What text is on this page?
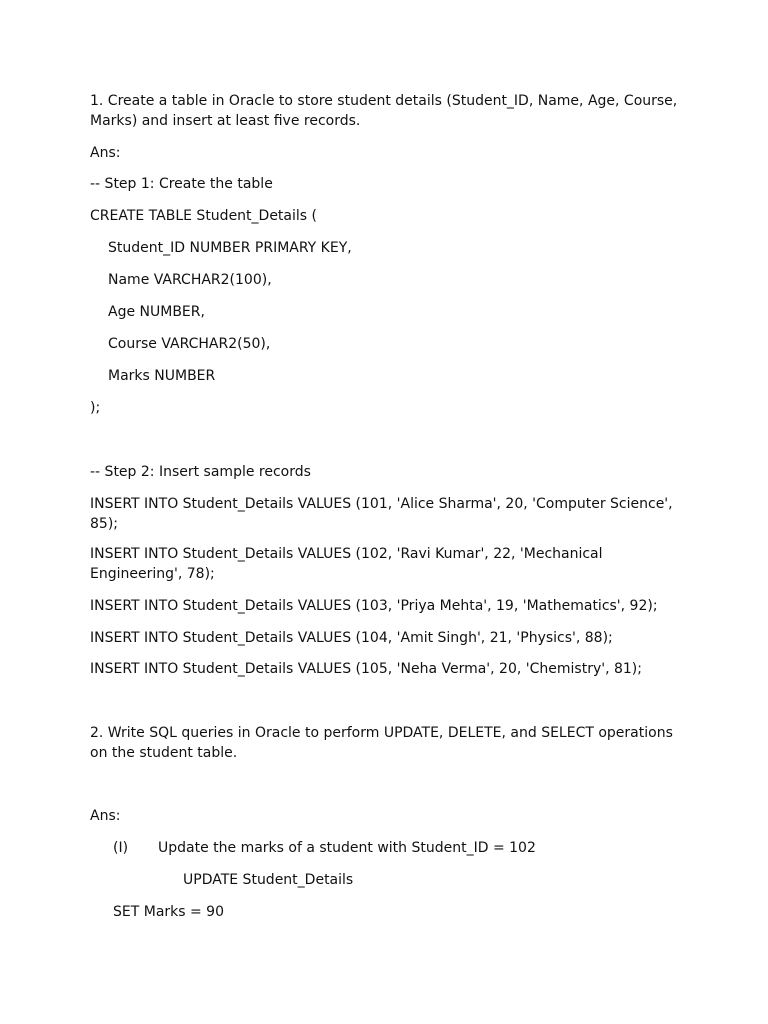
1. Create a table in Oracle to store student details (Student_ID, Name, Age, Course, Marks) and insert at least five records.

Ans:

-- Step 1: Create the table

CREATE TABLE Student_Details (

Student_ID NUMBER PRIMARY KEY,

Name VARCHAR2(100),

Age NUMBER,

Course VARCHAR2(50),

Marks NUMBER

);

-- Step 2: Insert sample records

INSERT INTO Student_Details VALUES (101, 'Alice Sharma', 20, 'Computer Science', 85);

INSERT INTO Student_Details VALUES (102, 'Ravi Kumar', 22, 'Mechanical Engineering', 78);

INSERT INTO Student_Details VALUES (103, 'Priya Mehta', 19, 'Mathematics', 92);

INSERT INTO Student_Details VALUES (104, 'Amit Singh', 21, 'Physics', 88);

INSERT INTO Student_Details VALUES (105, 'Neha Verma', 20, 'Chemistry', 81);

2. Write SQL queries in Oracle to perform UPDATE, DELETE, and SELECT operations on the student table.

Ans:

(I) Update the marks of a student with Student_ID = 102
UPDATE Student_Details
SET Marks = 90
